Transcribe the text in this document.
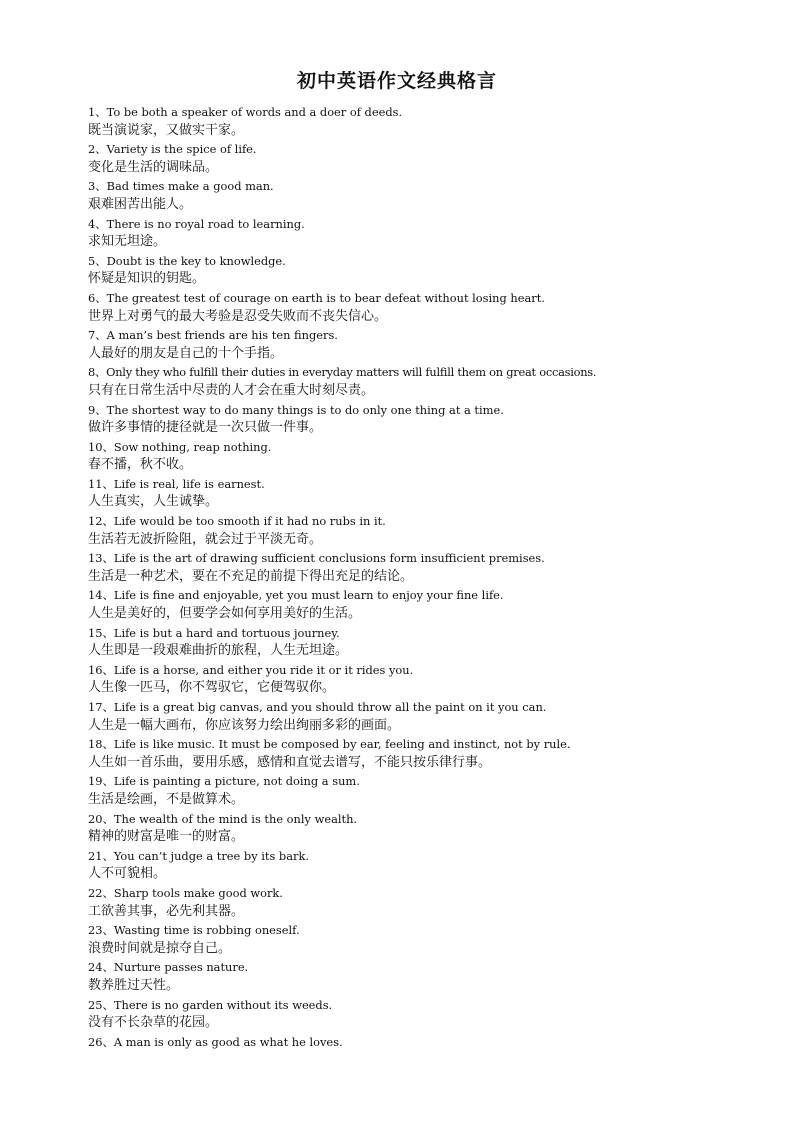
初中英语作文经典格言
1、To be both a speaker of words and a doer of deeds.
既当演说家，又做实干家。
2、Variety is the spice of life.
变化是生活的调味品。
3、Bad times make a good man.
艰难困苦出能人。
4、There is no royal road to learning.
求知无坦途。
5、Doubt is the key to knowledge.
怀疑是知识的钥匙。
6、The greatest test of courage on earth is to bear defeat without losing heart.
世界上对勇气的最大考验是忍受失败而不丧失信心。
7、A man’s best friends are his ten fingers.
人最好的朋友是自己的十个手指。
8、Only they who fulfill their duties in everyday matters will fulfill them on great occasions.
只有在日常生活中尽责的人才会在重大时刻尽责。
9、The shortest way to do many things is to do only one thing at a time.
做许多事情的捷径就是一次只做一件事。
10、Sow nothing, reap nothing.
春不播，秋不收。
11、Life is real, life is earnest.
人生真实，人生诚挚。
12、Life would be too smooth if it had no rubs in it.
生活若无波折险阻，就会过于平淡无奇。
13、Life is the art of drawing sufficient conclusions form insufficient premises.
生活是一种艺术，要在不充足的前提下得出充足的结论。
14、Life is fine and enjoyable, yet you must learn to enjoy your fine life.
人生是美好的，但要学会如何享用美好的生活。
15、Life is but a hard and tortuous journey.
人生即是一段艰难曲折的旅程，人生无坦途。
16、Life is a horse, and either you ride it or it rides you.
人生像一匹马，你不驾驭它，它便驾驭你。
17、Life is a great big canvas, and you should throw all the paint on it you can.
人生是一幅大画布，你应该努力绘出绚丽多彩的画面。
18、Life is like music. It must be composed by ear, feeling and instinct, not by rule.
人生如一首乐曲，要用乐感，感情和直觉去谱写，不能只按乐律行事。
19、Life is painting a picture, not doing a sum.
生活是绘画，不是做算术。
20、The wealth of the mind is the only wealth.
精神的财富是唯一的财富。
21、You can’t judge a tree by its bark.
人不可貌相。
22、Sharp tools make good work.
工欲善其事，必先利其器。
23、Wasting time is robbing oneself.
浪费时间就是掠夺自己。
24、Nurture passes nature.
教养胜过天性。
25、There is no garden without its weeds.
没有不长杂草的花园。
26、A man is only as good as what he loves.
